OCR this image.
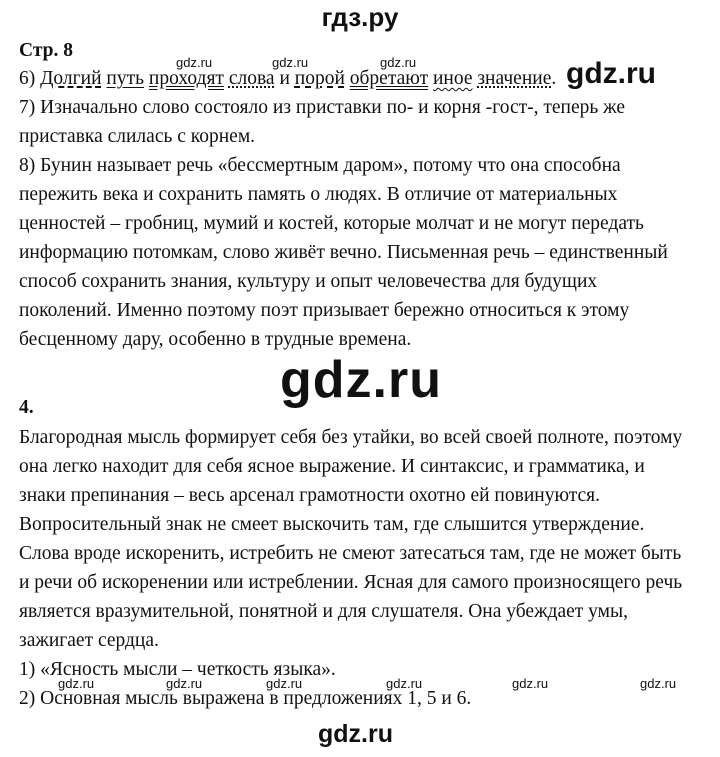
гдз.ру
Стр. 8
gdz.ru	gdz.ru	gdz.ru
6) Долгий путь проходят слова и порой обретают иное значение. gdz.ru
7) Изначально слово состояло из приставки по- и корня -гост-, теперь же
приставка слилась с корнем.
8) Бунин называет речь «бессмертным даром», потому что она способна
пережить века и сохранить память о людях. В отличие от материальных
ценностей – гробниц, мумий и костей, которые молчат и не могут передать
информацию потомкам, слово живёт вечно. Письменная речь – единственный
способ сохранить знания, культуру и опыт человечества для будущих
поколений. Именно поэтому поэт призывает бережно относиться к этому
бесценному дару, особенно в трудные времена.
gdz.ru
4.
Благородная мысль формирует себя без утайки, во всей своей полноте, поэтому
она легко находит для себя ясное выражение. И синтаксис, и грамматика, и
знаки препинания – весь арсенал грамотности охотно ей повинуются.
Вопросительный знак не смеет выскочить там, где слышится утверждение.
Слова вроде искоренить, истребить не смеют затесаться там, где не может быть
и речи об искоренении или истреблении. Ясная для самого произносящего речь
является вразумительной, понятной и для слушателя. Она убеждает умы,
зажигает сердца.
1) «Ясность мысли – четкость языка».
gdz.ru	gdz.ru	gdz.ru	gdz.ru	gdz.ru	gdz.ru
2) Основная мысль выражена в предложениях 1, 5 и 6.
gdz.ru
